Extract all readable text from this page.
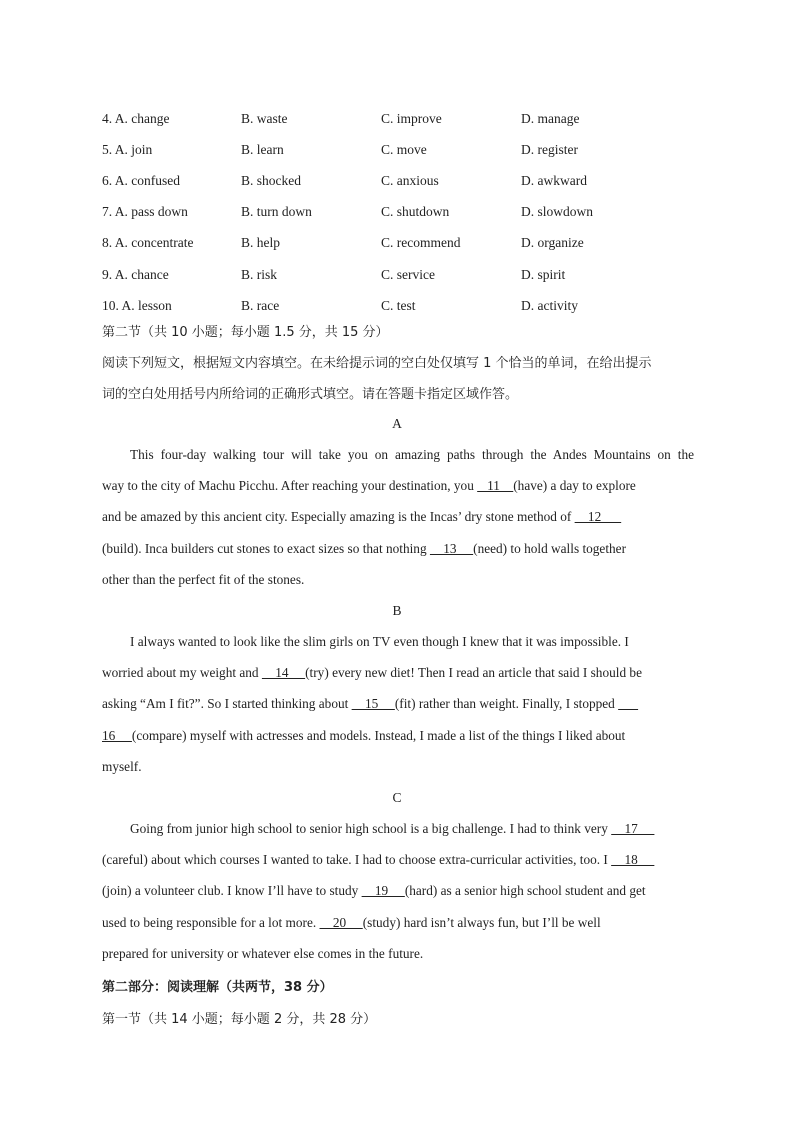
4. A. change	B. waste	C. improve	D. manage
5. A. join	B. learn	C. move	D. register
6. A. confused	B. shocked	C. anxious	D. awkward
7. A. pass down	B. turn down	C. shutdown	D. slowdown
8. A. concentrate	B. help	C. recommend	D. organize
9. A. chance	B. risk	C. service	D. spirit
10. A. lesson	B. race	C. test	D. activity
第二节（共 10 小题；每小题 1.5 分，共 15 分）
阅读下列短文，根据短文内容填空。在未给提示词的空白处仅填写 1 个恰当的单词，在给出提示
词的空白处用括号内所给词的正确形式填空。请在答题卡指定区域作答。
A
This four-day walking tour will take you on amazing paths through the Andes Mountains on the
way to the city of Machu Picchu. After reaching your destination, you    11    (have) a day to explore
and be amazed by this ancient city. Especially amazing is the Incas’ dry stone method of     12
(build). Inca builders cut stones to exact sizes so that nothing     13     (need) to hold walls together
other than the perfect fit of the stones.
B
I always wanted to look like the slim girls on TV even though I knew that it was impossible. I
worried about my weight and     14     (try) every new diet! Then I read an article that said I should be
asking “Am I fit?”. So I started thinking about     15     (fit) rather than weight. Finally, I stopped
16     (compare) myself with actresses and models. Instead, I made a list of the things I liked about
myself.
C
Going from junior high school to senior high school is a big challenge. I had to think very     17
(careful) about which courses I wanted to take. I had to choose extra-curricular activities, too. I     18
(join) a volunteer club. I know I’ll have to study     19     (hard) as a senior high school student and get
used to being responsible for a lot more.     20     (study) hard isn’t always fun, but I’ll be well
prepared for university or whatever else comes in the future.
第二部分：阅读理解（共两节，38 分）
第一节（共 14 小题；每小题 2 分，共 28 分）
